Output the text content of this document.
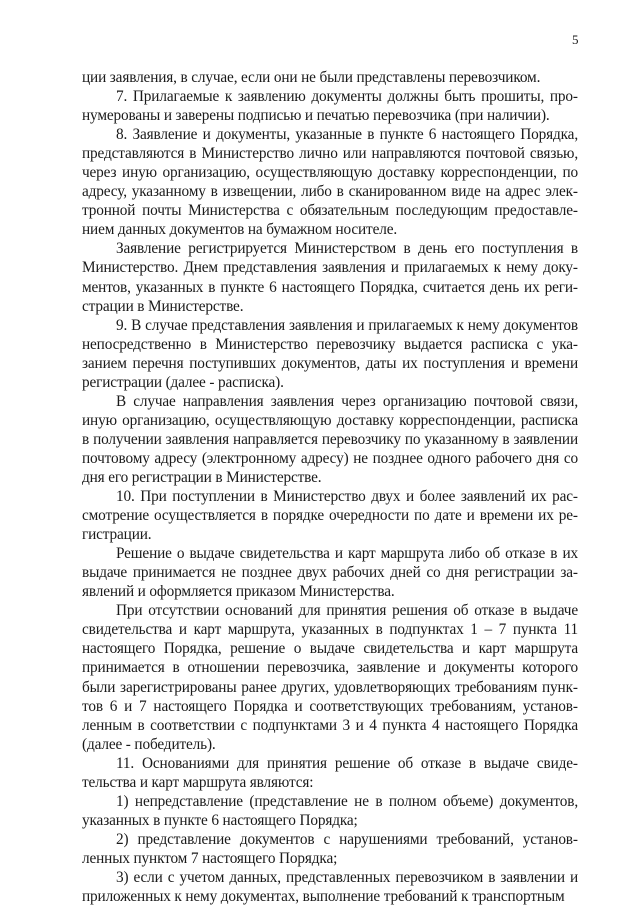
5

ции заявления, в случае, если они не были представлены перевозчиком.

7. Прилагаемые к заявлению документы должны быть прошиты, пронумерованы и заверены подписью и печатью перевозчика (при наличии).

8. Заявление и документы, указанные в пункте 6 настоящего Порядка, представляются в Министерство лично или направляются почтовой связью, через иную организацию, осуществляющую доставку корреспонденции, по адресу, указанному в извещении, либо в сканированном виде на адрес электронной почты Министерства с обязательным последующим предоставлением данных документов на бумажном носителе.

Заявление регистрируется Министерством в день его поступления в Министерство. Днем представления заявления и прилагаемых к нему документов, указанных в пункте 6 настоящего Порядка, считается день их регистрации в Министерстве.

9. В случае представления заявления и прилагаемых к нему документов непосредственно в Министерство перевозчику выдается расписка с указанием перечня поступивших документов, даты их поступления и времени регистрации (далее - расписка).

В случае направления заявления через организацию почтовой связи, иную организацию, осуществляющую доставку корреспонденции, расписка в получении заявления направляется перевозчику по указанному в заявлении почтовому адресу (электронному адресу) не позднее одного рабочего дня со дня его регистрации в Министерстве.

10. При поступлении в Министерство двух и более заявлений их рассмотрение осуществляется в порядке очередности по дате и времени их регистрации.

Решение о выдаче свидетельства и карт маршрута либо об отказе в их выдаче принимается не позднее двух рабочих дней со дня регистрации заявлений и оформляется приказом Министерства.

При отсутствии оснований для принятия решения об отказе в выдаче свидетельства и карт маршрута, указанных в подпунктах 1 – 7 пункта 11 настоящего Порядка, решение о выдаче свидетельства и карт маршрута принимается в отношении перевозчика, заявление и документы которого были зарегистрированы ранее других, удовлетворяющих требованиям пунктов 6 и 7 настоящего Порядка и соответствующих требованиям, установленным в соответствии с подпунктами 3 и 4 пункта 4 настоящего Порядка (далее - победитель).

11. Основаниями для принятия решение об отказе в выдаче свидетельства и карт маршрута являются:

1) непредставление (представление не в полном объеме) документов, указанных в пункте 6 настоящего Порядка;

2) представление документов с нарушениями требований, установленных пунктом 7 настоящего Порядка;

3) если с учетом данных, представленных перевозчиком в заявлении и приложенных к нему документах, выполнение требований к транспортным
